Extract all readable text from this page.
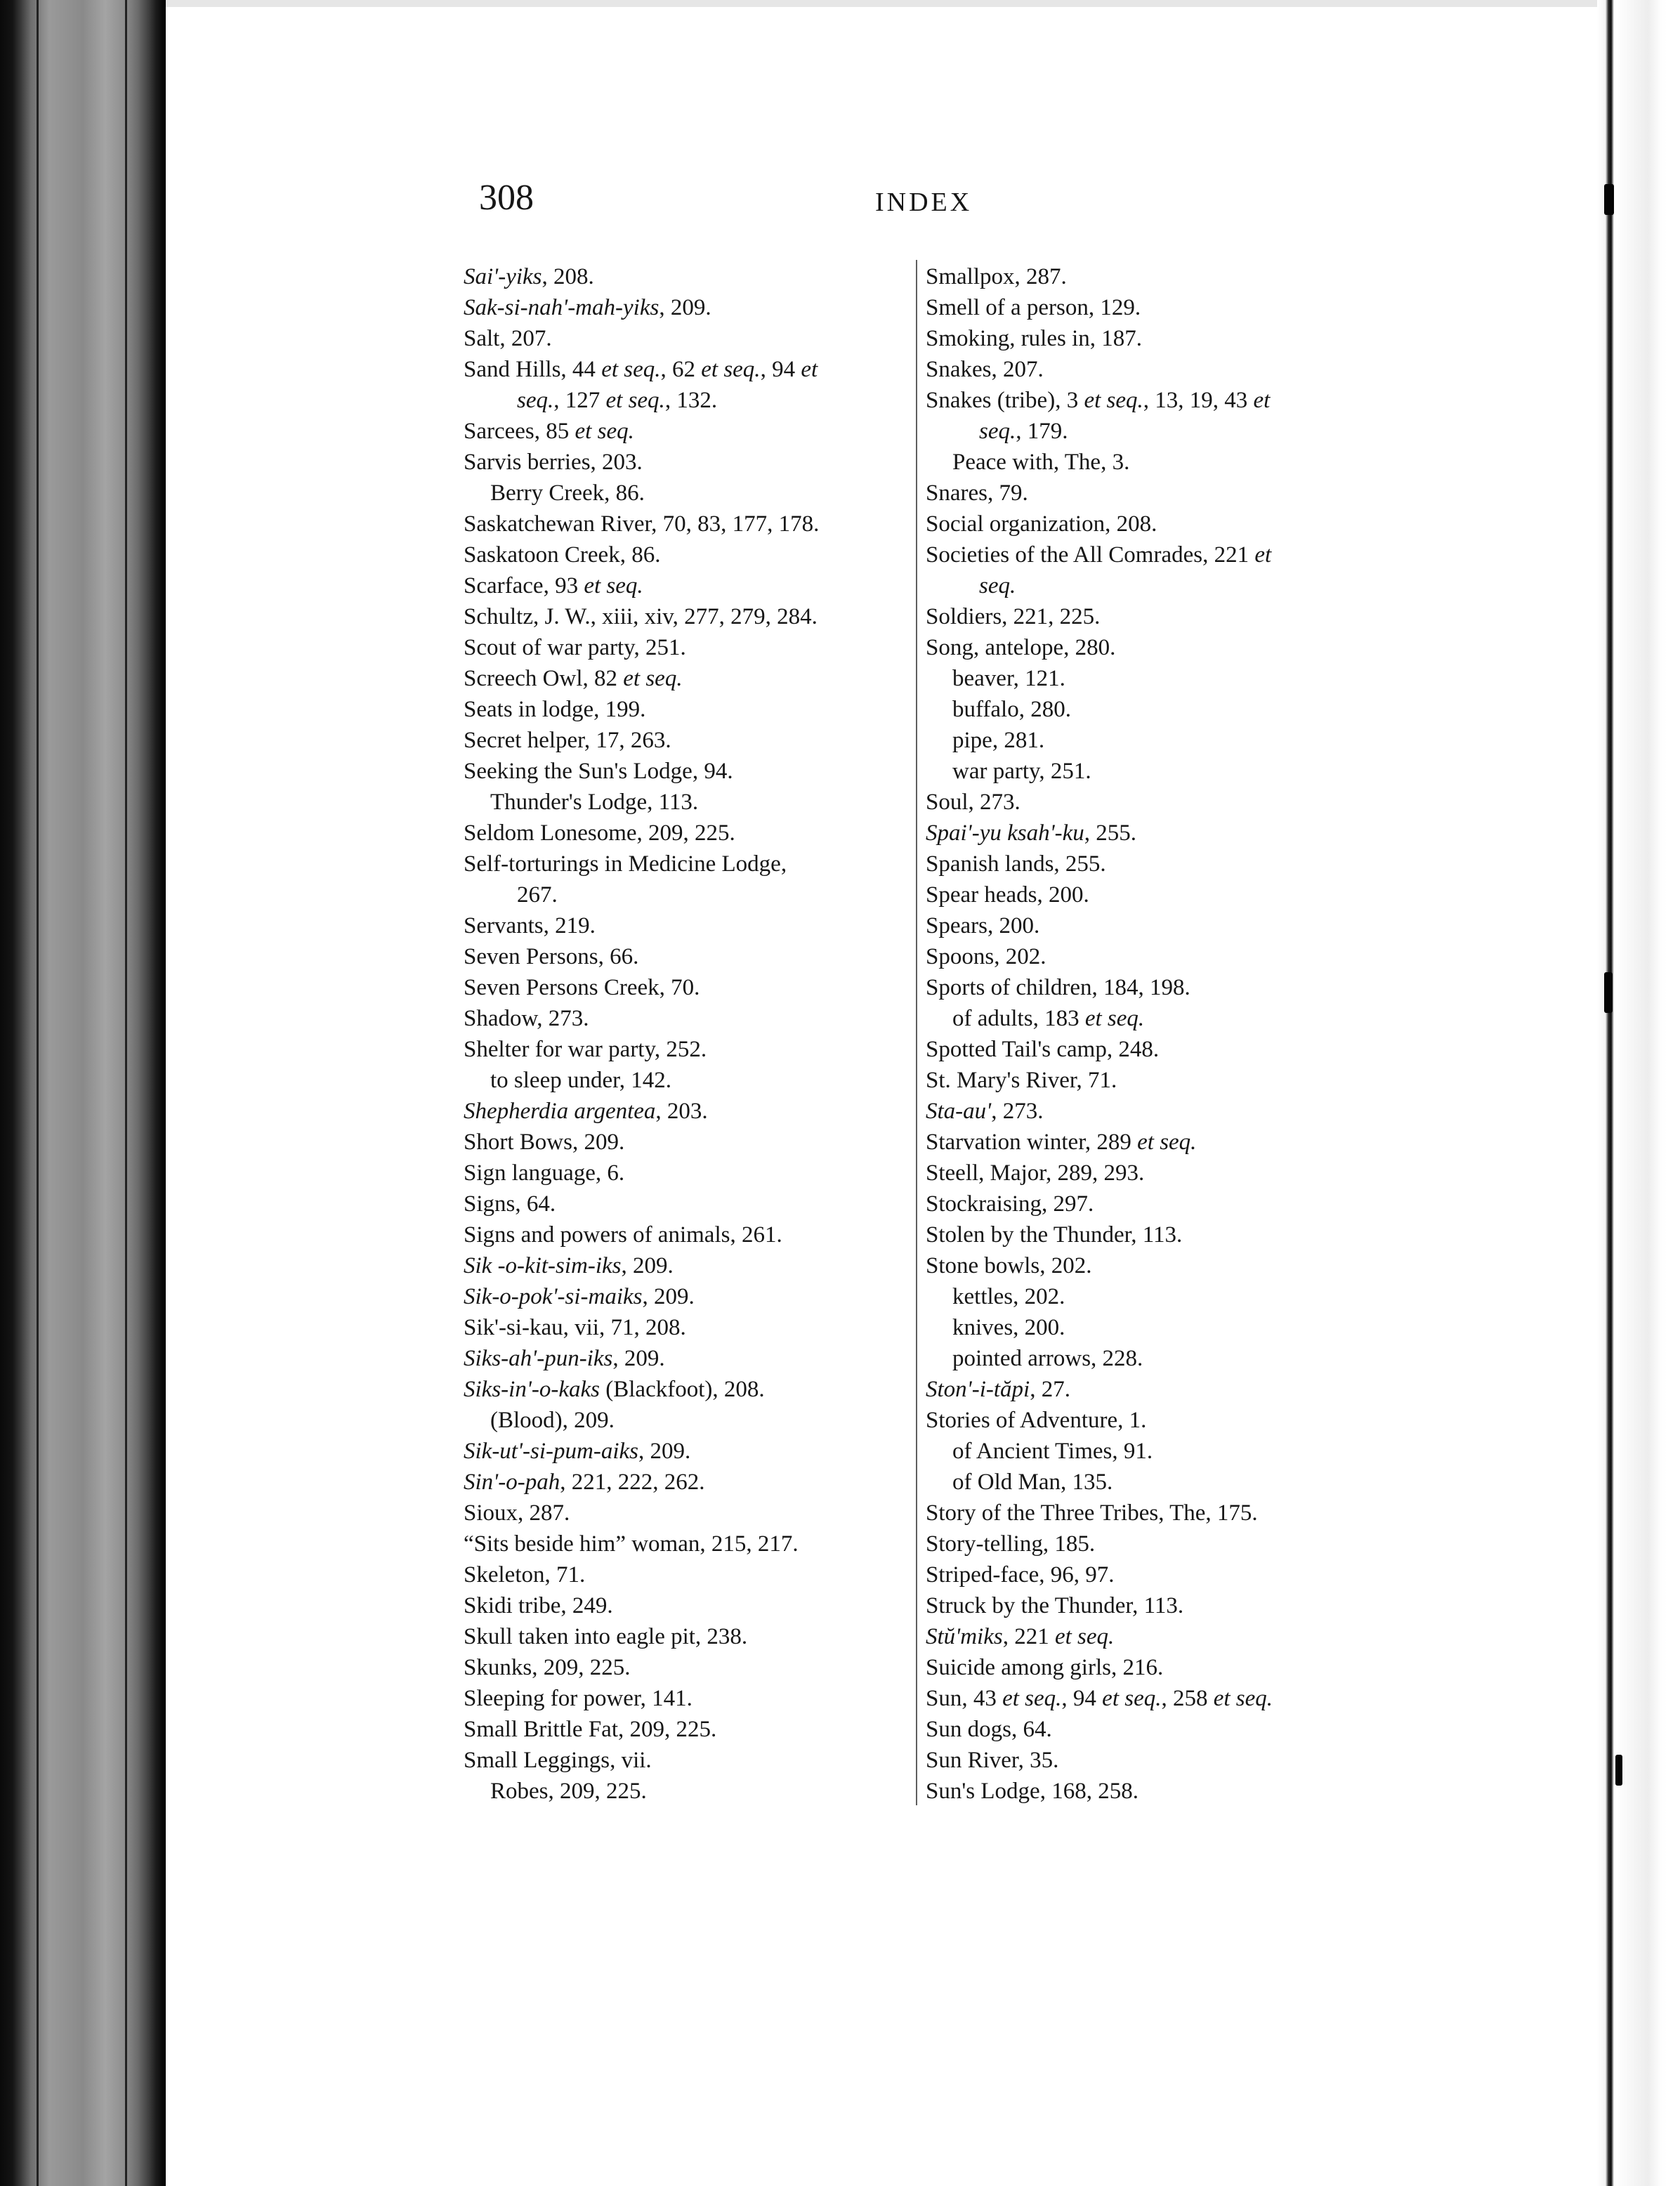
308	INDEX
Sai'-yiks, 208.
Sak-si-nah'-mah-yiks, 209.
Salt, 207.
Sand Hills, 44 et seq., 62 et seq., 94 et
seq., 127 et seq., 132.
Sarcees, 85 et seq.
Sarvis berries, 203.
Berry Creek, 86.
Saskatchewan River, 70, 83, 177, 178.
Saskatoon Creek, 86.
Scarface, 93 et seq.
Schultz, J. W., xiii, xiv, 277, 279, 284.
Scout of war party, 251.
Screech Owl, 82 et seq.
Seats in lodge, 199.
Secret helper, 17, 263.
Seeking the Sun's Lodge, 94.
Thunder's Lodge, 113.
Seldom Lonesome, 209, 225.
Self-torturings in Medicine Lodge,
267.
Servants, 219.
Seven Persons, 66.
Seven Persons Creek, 70.
Shadow, 273.
Shelter for war party, 252.
to sleep under, 142.
Shepherdia argentea, 203.
Short Bows, 209.
Sign language, 6.
Signs, 64.
Signs and powers of animals, 261.
Sik -o-kit-sim-iks, 209.
Sik-o-pok'-si-maiks, 209.
Sik'-si-kau, vii, 71, 208.
Siks-ah'-pun-iks, 209.
Siks-in'-o-kaks (Blackfoot), 208.
(Blood), 209.
Sik-ut'-si-pum-aiks, 209.
Sin'-o-pah, 221, 222, 262.
Sioux, 287.
“Sits beside him” woman, 215, 217.
Skeleton, 71.
Skidi tribe, 249.
Skull taken into eagle pit, 238.
Skunks, 209, 225.
Sleeping for power, 141.
Small Brittle Fat, 209, 225.
Small Leggings, vii.
Robes, 209, 225.
Smallpox, 287.
Smell of a person, 129.
Smoking, rules in, 187.
Snakes, 207.
Snakes (tribe), 3 et seq., 13, 19, 43 et
seq., 179.
Peace with, The, 3.
Snares, 79.
Social organization, 208.
Societies of the All Comrades, 221 et
seq.
Soldiers, 221, 225.
Song, antelope, 280.
beaver, 121.
buffalo, 280.
pipe, 281.
war party, 251.
Soul, 273.
Spai'-yu ksah'-ku, 255.
Spanish lands, 255.
Spear heads, 200.
Spears, 200.
Spoons, 202.
Sports of children, 184, 198.
of adults, 183 et seq.
Spotted Tail's camp, 248.
St. Mary's River, 71.
Sta-au', 273.
Starvation winter, 289 et seq.
Steell, Major, 289, 293.
Stockraising, 297.
Stolen by the Thunder, 113.
Stone bowls, 202.
kettles, 202.
knives, 200.
pointed arrows, 228.
Ston'-i-tăpi, 27.
Stories of Adventure, 1.
of Ancient Times, 91.
of Old Man, 135.
Story of the Three Tribes, The, 175.
Story-telling, 185.
Striped-face, 96, 97.
Struck by the Thunder, 113.
Stŭ'miks, 221 et seq.
Suicide among girls, 216.
Sun, 43 et seq., 94 et seq., 258 et seq.
Sun dogs, 64.
Sun River, 35.
Sun's Lodge, 168, 258.
